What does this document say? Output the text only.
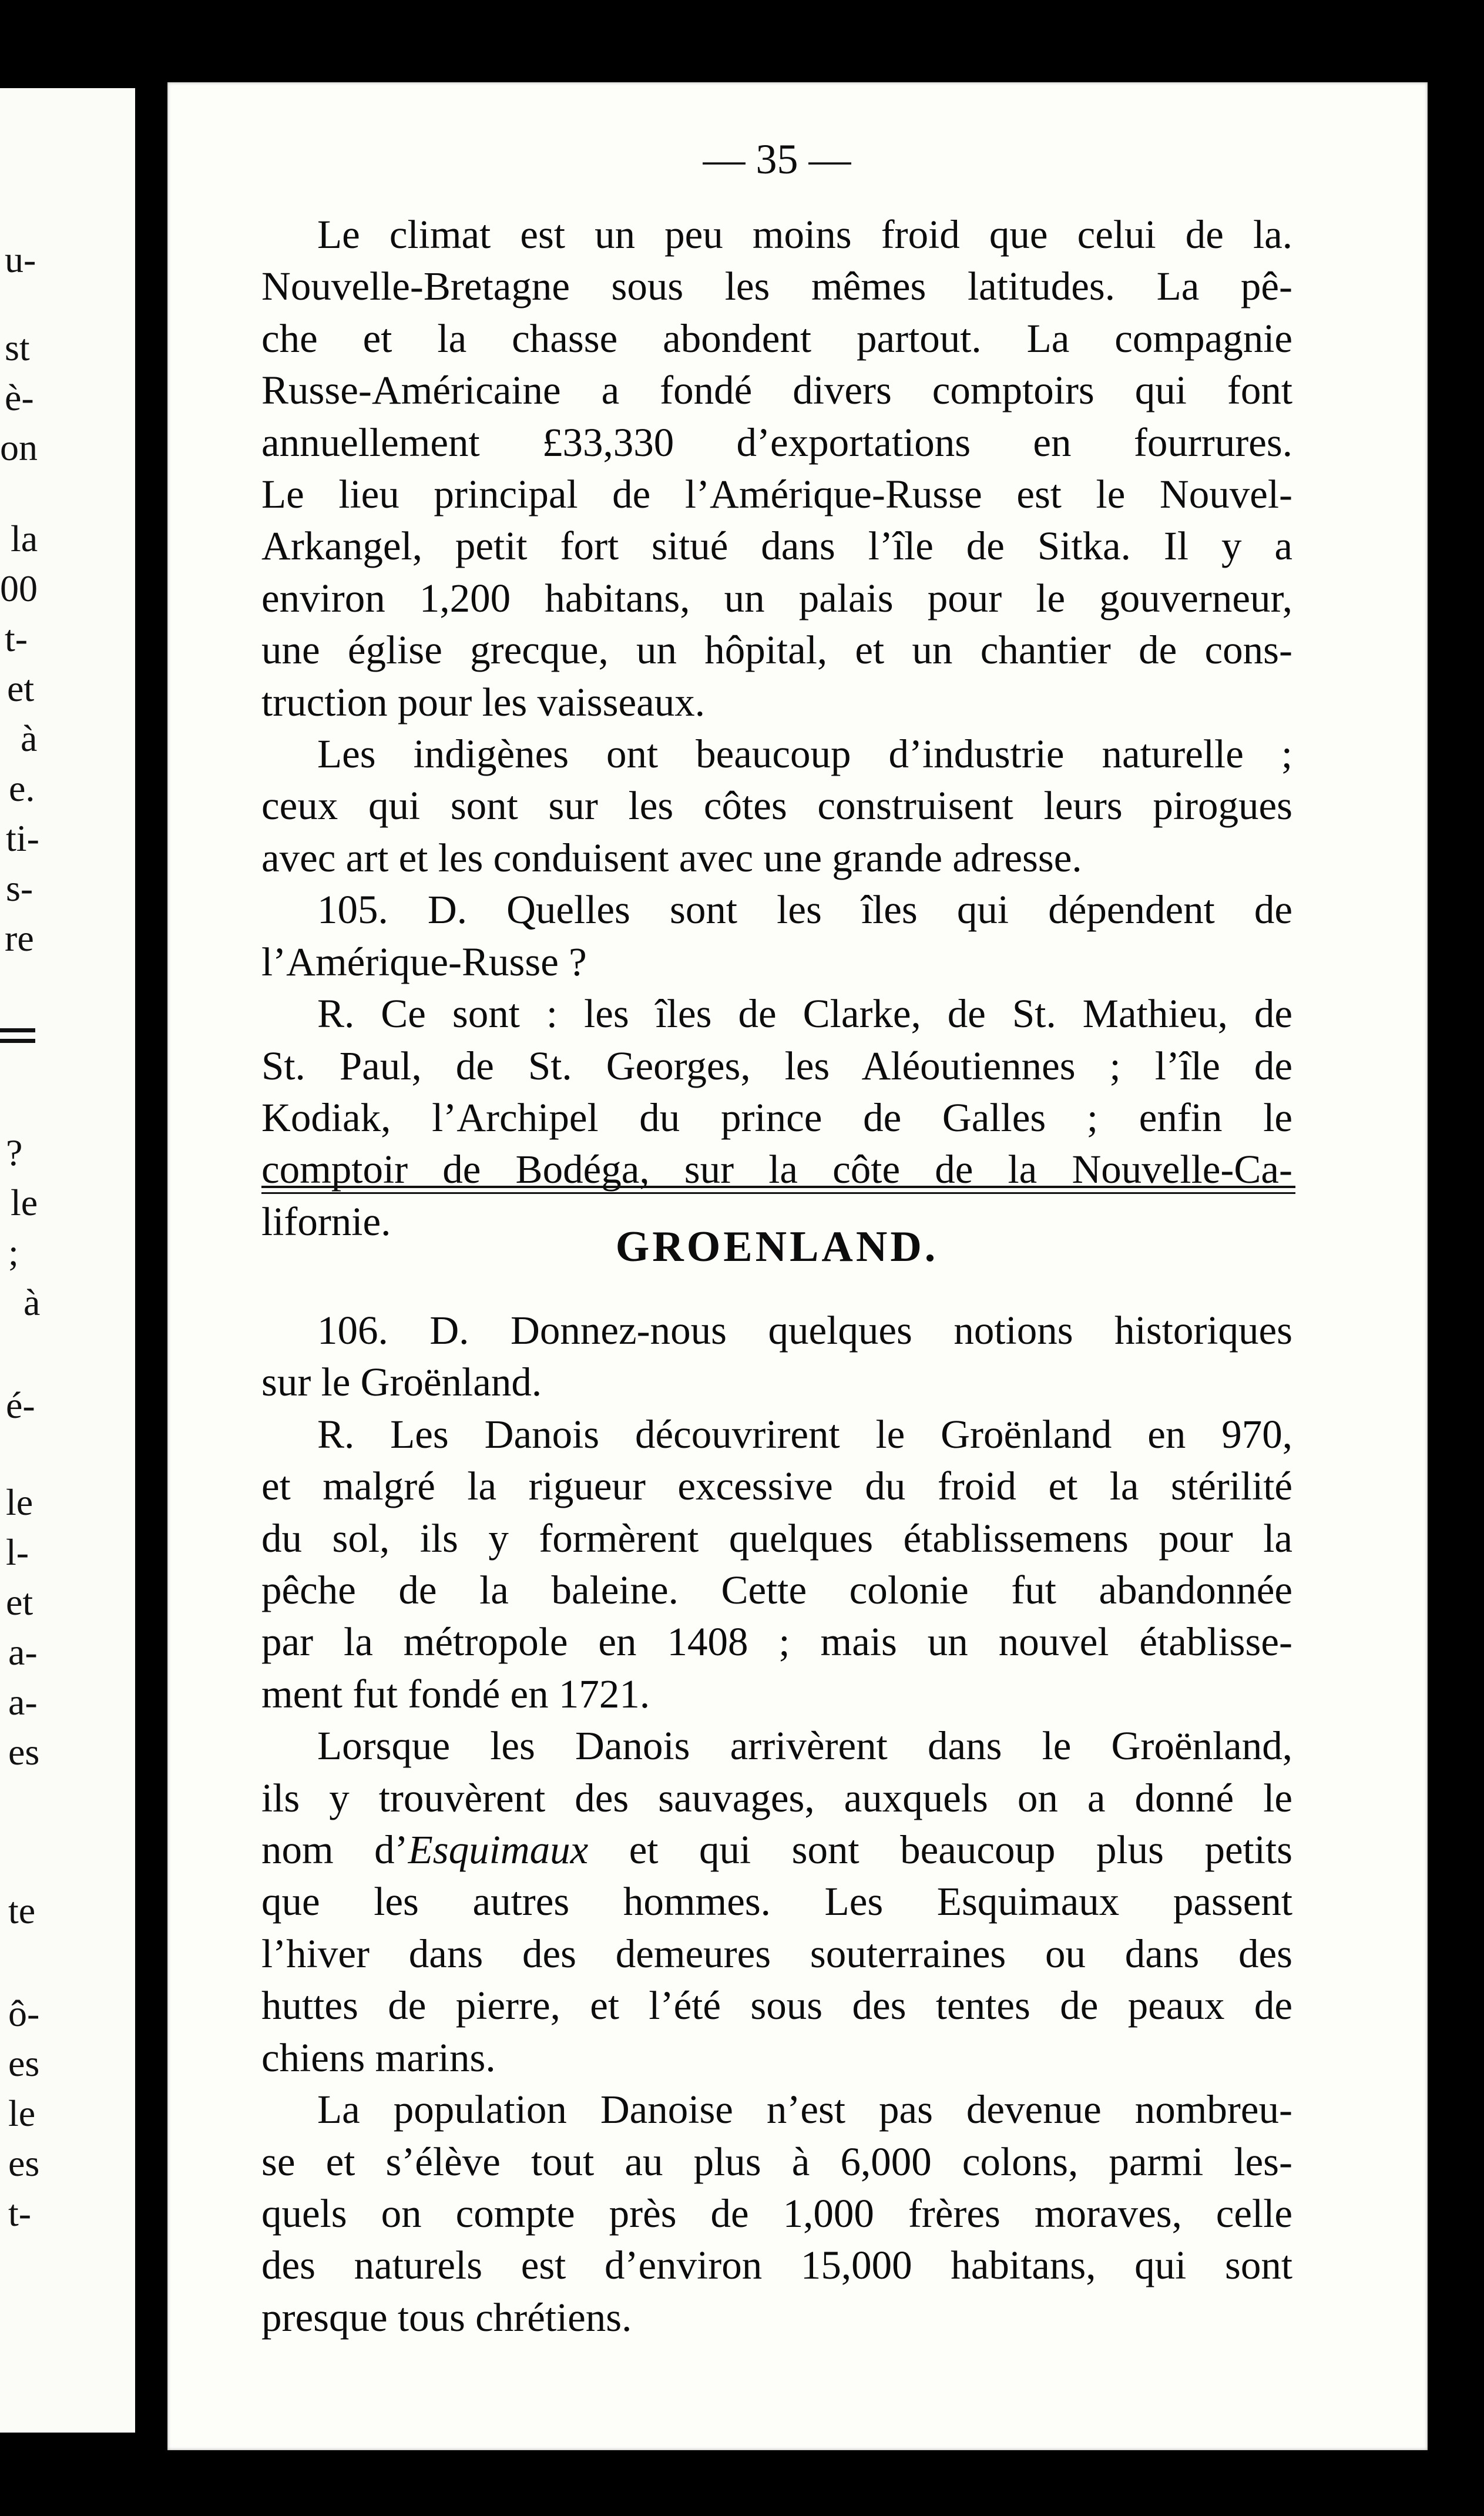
u-
st
è-
on
la
00
t-
et
à
e.
ti-
s-
re
?
le
;
à
é-
le
l-
et
a-
a-
es
te
ô-
es
le
es
t-
— 35 —
Le climat est un peu moins froid que celui de la.
Nouvelle-Bretagne sous les mêmes latitudes. La pê-
che et la chasse abondent partout. La compagnie
Russe-Américaine a fondé divers comptoirs qui font
annuellement £33,330 d’exportations en fourrures.
Le lieu principal de l’Amérique-Russe est le Nouvel-
Arkangel, petit fort situé dans l’île de Sitka. Il y a
environ 1,200 habitans, un palais pour le gouverneur,
une église grecque, un hôpital, et un chantier de cons-
truction pour les vaisseaux.
Les indigènes ont beaucoup d’industrie naturelle ;
ceux qui sont sur les côtes construisent leurs pirogues
avec art et les conduisent avec une grande adresse.
105. D. Quelles sont les îles qui dépendent de
l’Amérique-Russe ?
R. Ce sont : les îles de Clarke, de St. Mathieu, de
St. Paul, de St. Georges, les Aléoutiennes ; l’île de
Kodiak, l’Archipel du prince de Galles ; enfin le
comptoir de Bodéga, sur la côte de la Nouvelle-Ca-
lifornie.
GROENLAND.
106. D. Donnez-nous quelques notions historiques
sur le Groënland.
R. Les Danois découvrirent le Groënland en 970,
et malgré la rigueur excessive du froid et la stérilité
du sol, ils y formèrent quelques établissemens pour la
pêche de la baleine. Cette colonie fut abandonnée
par la métropole en 1408 ; mais un nouvel établisse-
ment fut fondé en 1721.
Lorsque les Danois arrivèrent dans le Groënland,
ils y trouvèrent des sauvages, auxquels on a donné le
nom d’Esquimaux et qui sont beaucoup plus petits
que les autres hommes. Les Esquimaux passent
l’hiver dans des demeures souterraines ou dans des
huttes de pierre, et l’été sous des tentes de peaux de
chiens marins.
La population Danoise n’est pas devenue nombreu-
se et s’élève tout au plus à 6,000 colons, parmi les-
quels on compte près de 1,000 frères moraves, celle
des naturels est d’environ 15,000 habitans, qui sont
presque tous chrétiens.
